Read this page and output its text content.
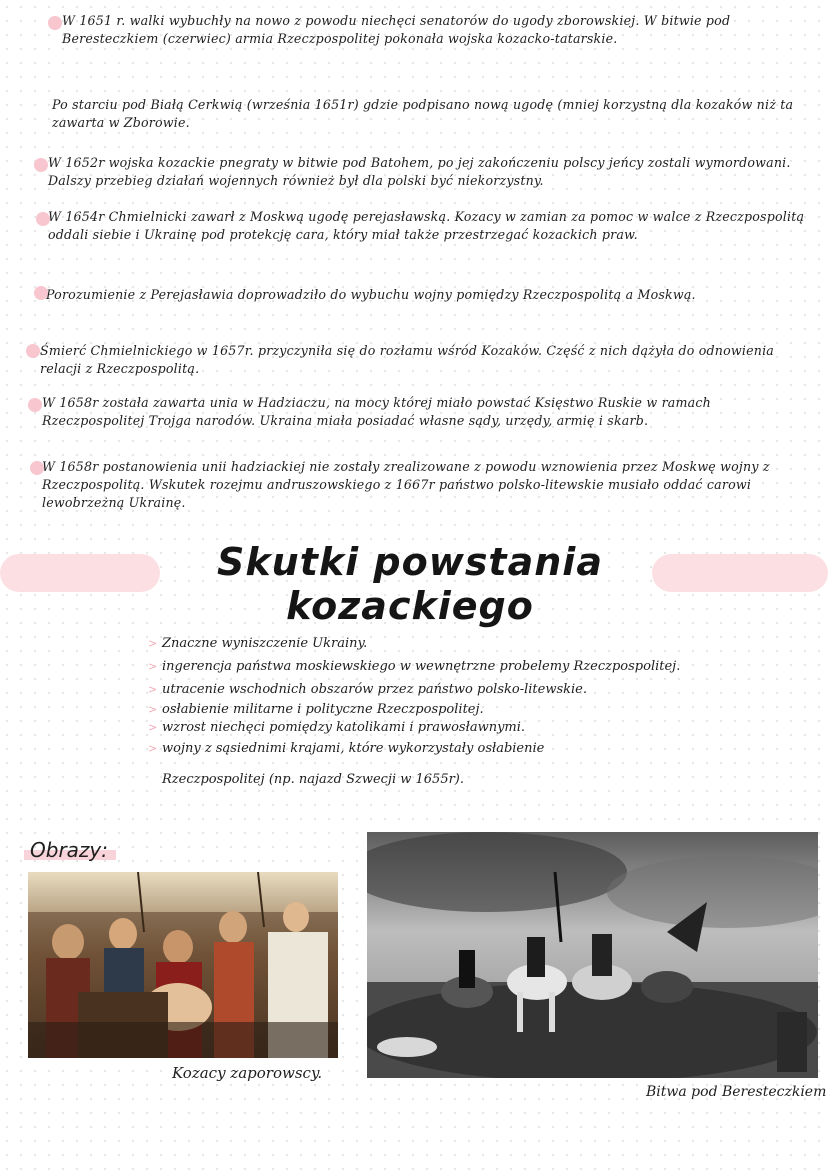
W 1651 r. walki wybuchły na nowo z powodu niechęci senatorów do ugody zborowskiej. W bitwie pod Beresteczkiem (czerwiec) armia Rzeczpospolitej pokonała wojska kozacko-tatarskie.
Po starciu pod Białą Cerkwią (września 1651r) gdzie podpisano nową ugodę (mniej korzystną dla kozaków niż ta zawarta w Zborowie.
W 1652r wojska kozackie pnegraty w bitwie pod Batohem, po jej zakończeniu polscy jeńcy zostali wymordowani. Dalszy przebieg działań wojennych również był dla polski być niekorzystny.
W 1654r Chmielnicki zawarł z Moskwą ugodę perejasławską. Kozacy w zamian za pomoc w walce z Rzeczpospolitą oddali siebie i Ukrainę pod protekcję cara, który miał także przestrzegać kozackich praw.
Porozumienie z Perejasławia doprowadziło do wybuchu wojny pomiędzy Rzeczpospolitą a Moskwą.
Śmierć Chmielnickiego w 1657r. przyczyniła się do rozłamu wśród Kozaków. Część z nich dążyła do odnowienia relacji z Rzeczpospolitą.
W 1658r została zawarta unia w Hadziaczu, na mocy której miało powstać Księstwo Ruskie w ramach Rzeczpospolitej Trojga narodów. Ukraina miała posiadać własne sądy, urzędy, armię i skarb.
W 1658r postanowienia unii hadziackiej nie zostały zrealizowane z powodu wznowienia przez Moskwę wojny z Rzeczpospolitą. Wskutek rozejmu andruszowskiego z 1667r państwo polsko-litewskie musiało oddać carowi lewobrzeżną Ukrainę.
Skutki powstania kozackiego
> Znaczne wyniszczenie Ukrainy.
> ingerencja państwa moskiewskiego w wewnętrzne probelemy Rzeczpospolitej.
> utracenie wschodnich obszarów przez państwo polsko-litewskie.
> osłabienie militarne i polityczne Rzeczpospolitej.
> wzrost niechęci pomiędzy katolikami i prawosławnymi.
> wojny z sąsiednimi krajami, które wykorzystały osłabienie
Rzeczpospolitej (np. najazd Szwecji w 1655r).
Obrazy:
Kozacy zaporowscy.
Bitwa pod Beresteczkiem
